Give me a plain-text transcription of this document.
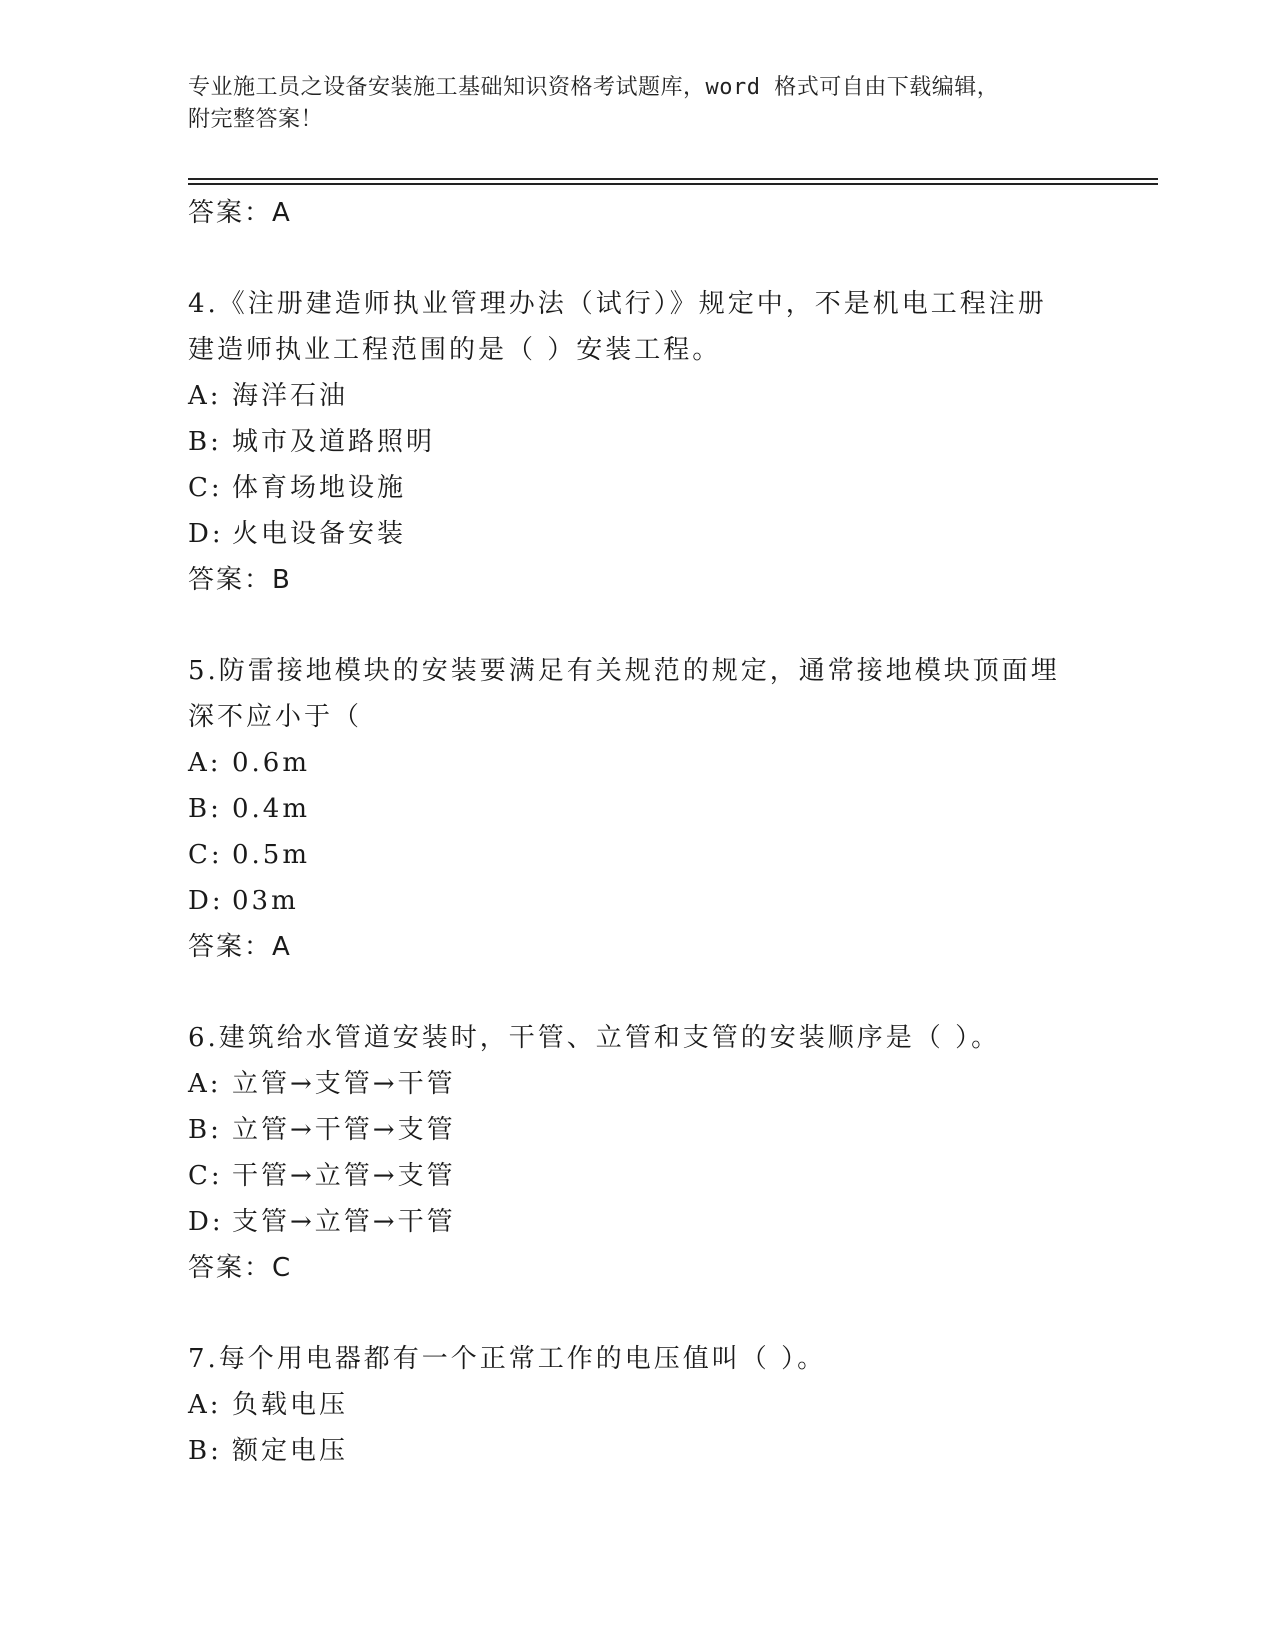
专业施工员之设备安装施工基础知识资格考试题库，word 格式可自由下载编辑，
附完整答案！
答案：A
4.《注册建造师执业管理办法（试行）》规定中，不是机电工程注册
建造师执业工程范围的是（ ）安装工程。
A: 海洋石油
B: 城市及道路照明
C: 体育场地设施
D: 火电设备安装
答案：B
5.防雷接地模块的安装要满足有关规范的规定，通常接地模块顶面埋
深不应小于（
A: 0.6m
B: 0.4m
C: 0.5m
D: 03m
答案：A
6.建筑给水管道安装时，干管、立管和支管的安装顺序是（ ）。
A: 立管→支管→干管
B: 立管→干管→支管
C: 干管→立管→支管
D: 支管→立管→干管
答案：C
7.每个用电器都有一个正常工作的电压值叫（ ）。
A: 负载电压
B: 额定电压
